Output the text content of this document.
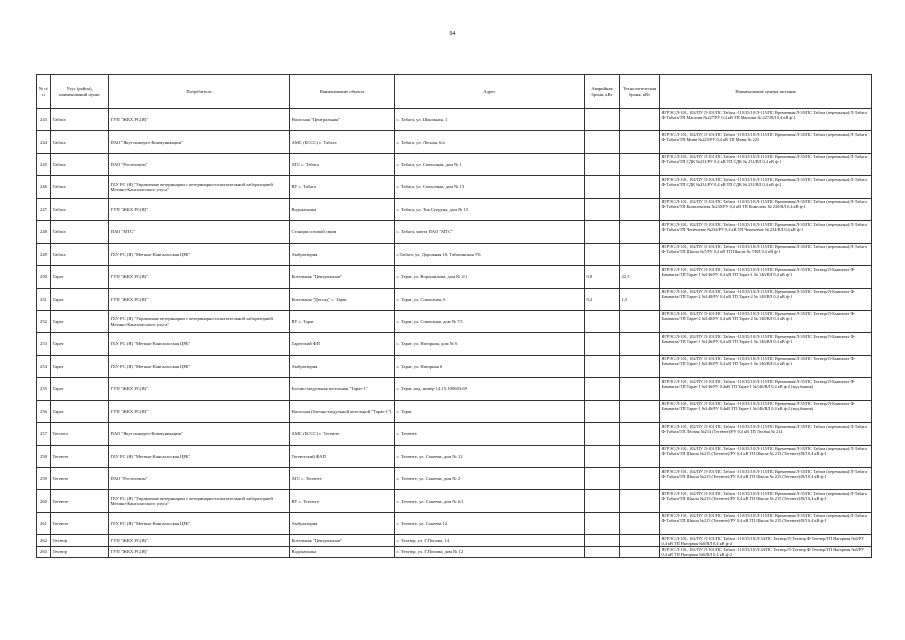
94
№ п/п	Улус (район), наименований пункт	Потребитель	Наименование объекта	Адрес	Аварийная броня, кВт	Технологическая броня, кВт	Наименование центра питания
243	Табага	ГУП "ЖКХ РС(Я)"	Насосная "Центральная"	с. Табага, ул. Школьная, 1			ЯГРЭС/Л-101, 102/ПУ Л-101/ПС Табага -110/35/10/Л-115/ПС Временная/Л-35/ПС Табага (перемычка)/Л-Табага Ф-Табага/ТП Магазин №227/РУ 0,4 кВ ТП Магазин № 227/ВЛ 0,4 кВ ф-1
244	Табага	ПАО "Якутскэнерго-Коммуникации"	АМС (БССС) с. Табага	с. Табага, ул. Лесная, 6/а			ЯГРЭС/Л-101, 102/ПУ Л-101/ПС Табага -110/35/10/Л-115/ПС Временная/Л-35/ПС Табага (перемычка)/Л-Табага Ф-Табага/ТП Мини №225/РУ 0,4 кВ ТП Мини № 225
245	Табага	ПАО "Ростелеком"	АТС с. Табага	с. Табага, ул. Совхозная, дом № 1			ЯГРЭС/Л-101, 102/ПУ Л-101/ПС Табага -110/35/10/Л-115/ПС Временная/Л-35/ПС Табага (перемычка)/Л-Табага Ф-Табага/ТП СДК №231/РУ 0,4 кВ ТП СДК № 231/ВЛ 0,4 кВ ф-1
246	Табага	ГБУ РС (Я) "Управление ветеринарии с ветеринарно-испытательной лабораторией Мегино-Кангаласского улуса"	ВУ с. Табага	с. Табага, ул. Совхозная, дом № 13			ЯГРЭС/Л-101, 102/ПУ Л-101/ПС Табага -110/35/10/Л-115/ПС Временная/Л-35/ПС Табага (перемычка)/Л-Табага Ф-Табага/ТП СДК №231/РУ 0,4 кВ ТП СДК № 231/ВЛ 0,4 кВ ф-2
247	Табага	ГУП "ЖКХ РС(Я)"	Водокачалка	с. Табага, ул. Тоя Суоруна, дом № 15			ЯГРЭС/Л-101, 102/ПУ Л-101/ПС Табага -110/35/10/Л-115/ПС Временная/Л-35/ПС Табага (перемычка)/Л-Табага Ф-Табага/ТП Комплексная №230/РУ 0,4 кВ ТП Комплекс № 230/ВЛ 0,4 кВ ф-1
248	Табага	ПАО "МТС"	Станция сотовой связи	с. Табага, мачта ПАО "МТС"			ЯГРЭС/Л-101, 102/ПУ Л-101/ПС Табага -110/35/10/Л-115/ПС Временная/Л-35/ПС Табага (перемычка)/Л-Табага Ф-Табага/ТП Чепечение №234/РУ 0,4 кВ ТП Чепечение № 234/ВЛ 0,4 кВ ф-1
249	Табага	ГБУ РС (Я) "Мегино-Кангаласская ЦРБ"	Амбулатория	с.Табага, ул. Дорожная 10, Табагинская УБ			ЯГРЭС/Л-101, 102/ПУ Л-101/ПС Табага -110/35/10/Л-115/ПС Временная/Л-35/ПС Табага (перемычка)/Л-Табага Ф-Табага/ТП Школа №7/РУ 0,4 кВ ТП Школа № 7/ВЛ 0,4 кВ ф-1
250	Тарат	ГУП "ЖКХ РС(Я)"	Котельная "Центральная"	с. Тарат, ул. Ворошилова, дом № 2/1	0,8	22,5	ЯГРЭС/Л-101, 102/ПУ Л-101/ПС Табага -110/35/10/Л-115/ПС Временная/Л-35/ПС Техтюр/Л-Бамнатах Ф-Бамнатах/ТП Тарат-1 №146/РУ 0,4 кВ ТП Тарат-1 № 146/ВЛ 0,4 кВ ф-1
251	Тарат	ГУП "ЖКХ РС(Я)"	Котельная "Детсад" с. Тарат	с. Тарат, ул. Совхозная, 6	0,2	1,5	ЯГРЭС/Л-101, 102/ПУ Л-101/ПС Табага -110/35/10/Л-115/ПС Временная/Л-35/ПС Техтюр/Л-Бамнатах Ф-Бамнатах/ТП Тарат-2 №148/РУ 0,4 кВ ТП Тарат-2 № 148/ВЛ 0,4 кВ ф-1
252	Тарат	ГБУ РС (Я) "Управление ветеринарии с ветеринарно-испытательной лабораторией Мегино-Кангаласского улуса"	ВУ с. Тарат	с. Тарат, ул. Совхозная, дом № 7/1			ЯГРЭС/Л-101, 102/ПУ Л-101/ПС Табага -110/35/10/Л-115/ПС Временная/Л-35/ПС Техтюр/Л-Бамнатах Ф-Бамнатах/ТП Тарат-2 №148/РУ 0,4 кВ ТП Тарат-2 № 148/ВЛ 0,4 кВ ф-1
253	Тарат	ГБУ РС (Я) "Мегино-Кангаласская ЦРБ"	Таратский ФП	с. Тарат, ул. Нагорная, дом № 6			ЯГРЭС/Л-101, 102/ПУ Л-101/ПС Табага -110/35/10/Л-115/ПС Временная/Л-35/ПС Техтюр/Л-Бамнатах Ф-Бамнатах/ТП Тарат-1 №146/РУ 0,4 кВ ТП Тарат-1 № 146/ВЛ 0,4 кВ ф-1
254	Тарат	ГБУ РС (Я) "Мегино-Кангаласская ЦРБ"	Амбулатория	с. Тарат, ул. Нагорная 6			ЯГРЭС/Л-101, 102/ПУ Л-101/ПС Табага -110/35/10/Л-115/ПС Временная/Л-35/ПС Техтюр/Л-Бамнатах Ф-Бамнатах/ТП Тарат-1 №146/РУ 0,4 кВ ТП Тарат-1 № 146/ВЛ 0,4 кВ ф-1
255	Тарат	ГУП "ЖКХ РС(Я)"	Блочно-модульная котельная "Тарат-1"	с. Тарат, кад. номер 14:15:100603:69			ЯГРЭС/Л-101, 102/ПУ Л-101/ПС Табага -110/35/10/Л-115/ПС Временная/Л-35/ПС Техтюр/Л-Бамнатах Ф-Бамнатах/ТП Тарат-1 №146/РУ 0,4кВ ТП Тарат-1 №146/ВЛ 0,4 кВ ф-2 (вод.башня)
256	Тарат	ГУП "ЖКХ РС(Я)"	Насосная (блочно-модульной котельной "Тарат-1")	с. Тарат			ЯГРЭС/Л-101, 102/ПУ Л-101/ПС Табага -110/35/10/Л-115/ПС Временная/Л-35/ПС Техтюр/Л-Бамнатах Ф-Бамнатах/ТП Тарат-1 №146/РУ 0,4кВ ТП Тарат-1 №146/ВЛ 0,4 кВ ф-2 (вод.башня)
257	Теплого	ПАО "Якутскэнерго-Коммуникации"	АМС (БССС) с. Тегеюте	с. Тегеюте			ЯГРЭС/Л-101, 102/ПУ Л-101/ПС Табага -110/35/10/Л-115/ПС Временная/Л-35/ПС Табага (перемычка)/Л-Табага Ф-Табага/ТП Лесная №214 (Тегеюте)/РУ 0,4 кВ ТП Лесная № 214
258	Тегеюте	ГБУ РС (Я) "Мегино-Кангаласская ЦРБ"	Тегеютский ФАП	с. Тегеюте, ул. Сокеева, дом № 12			ЯГРЭС/Л-101, 102/ПУ Л-101/ПС Табага -110/35/10/Л-115/ПС Временная/Л-35/ПС Табага (перемычка)/Л-Табага Ф-Табага/ТП Школа №215 (Тегеюте)/РУ 0,4 кВ ТП Школа № 215 (Тегеюте)/ВЛ 0,4 кВ ф-1
259	Тегеюте	ПАО "Ростелеком"	АТС с. Тегеюте	с. Тегеюте, ул. Сокеева, дом № 2			ЯГРЭС/Л-101, 102/ПУ Л-101/ПС Табага -110/35/10/Л-115/ПС Временная/Л-35/ПС Табага (перемычка)/Л-Табага Ф-Табага/ТП Школа №215 (Тегеюте)/РУ 0,4 кВ ТП Школа № 215 (Тегеюте)/ВЛ 0,4 кВ ф-1
260	Тегеюте	ГБУ РС (Я) "Управление ветеринарии с ветеринарно-испытательной лабораторией Мегино-Кангаласского улуса"	ВУ с. Тегеюте	с. Тегеюте, ул. Сокеева, дом № 6/1			ЯГРЭС/Л-101, 102/ПУ Л-101/ПС Табага -110/35/10/Л-115/ПС Временная/Л-35/ПС Табага (перемычка)/Л-Табага Ф-Табага/ТП Школа №215 (Тегеюте)/РУ 0,4 кВ ТП Школа № 215 (Тегеюте)/ВЛ 0,4 кВ ф-1
261	Тегеюте	ГБУ РС (Я) "Мегино-Кангаласская ЦРБ"	Амбулатория	с. Тегеюте, ул. Сокеева 12			ЯГРЭС/Л-101, 102/ПУ Л-101/ПС Табага -110/35/10/Л-115/ПС Временная/Л-35/ПС Табага (перемычка)/Л-Табага Ф-Табага/ТП Школа №215 (Тегеюте)/РУ 0,4 кВ ТП Школа № 215 (Тегеюте)/ВЛ 0,4 кВ ф-1
262	Техтюр	ГУП "ЖКХ РС(Я)"	Котельная "Центральная"	с. Техтюр, ул. Г.Попова, 14			ЯГРЭС/Л-101, 102/ПУ Л-101/ПС Табага -110/35/10/Л-34/ПС Техтюр/Л-Техтюр Ф-Техтюр/ТП Нагорная №6/РУ 0,4 кВ ТП Нагорная №6/ВЛ 0,4 кВ ф-2
263	Техтюр	ГУП "ЖКХ РС(Я)"	Водокачалка	с. Техтюр, ул. Г.Попова, дом № 12			ЯГРЭС/Л-101, 102/ПУ Л-101/ПС Табага -110/35/10/Л-34/ПС Техтюр/Л-Техтюр Ф-Техтюр/ТП Нагорная №6/РУ 0,4 кВ ТП Нагорная №6/ВЛ 0,4 кВ ф-2
